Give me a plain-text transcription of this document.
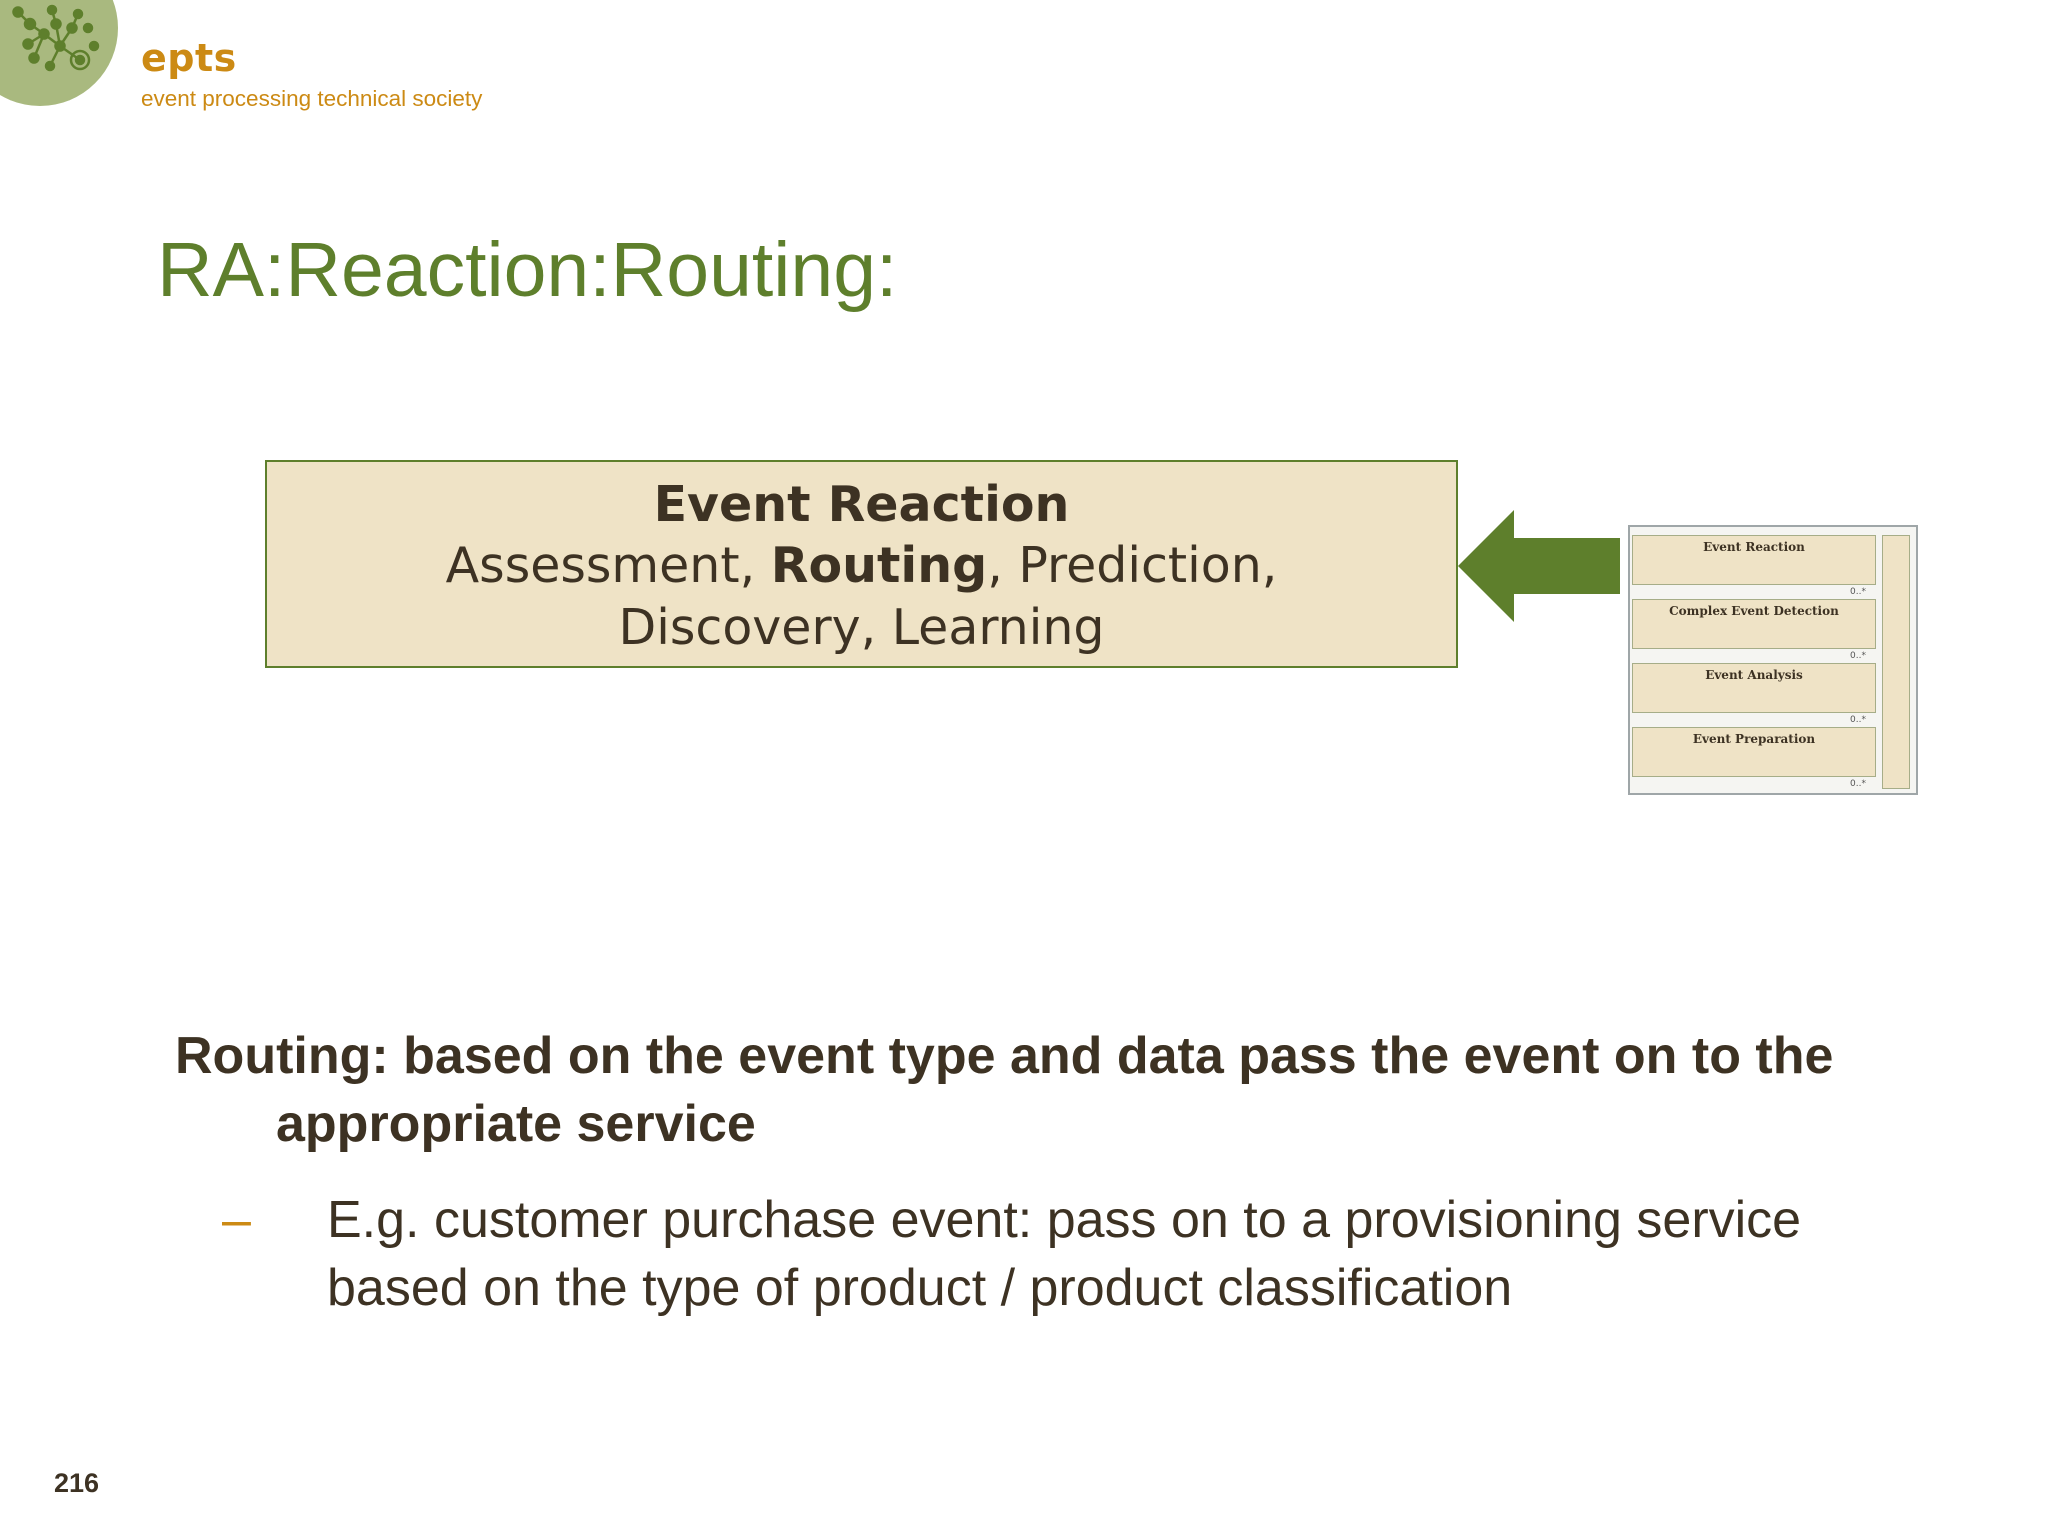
epts
event processing technical society
RA:Reaction:Routing:
Event Reaction
Assessment, Routing, Prediction,
Discovery, Learning
Event Reaction
0..*
Complex Event Detection
0..*
Event Analysis
0..*
Event Preparation
0..*
Routing: based on the event type and data pass the event on to the appropriate service
– E.g. customer purchase event: pass on to a provisioning service based on the type of product / product classification
216
